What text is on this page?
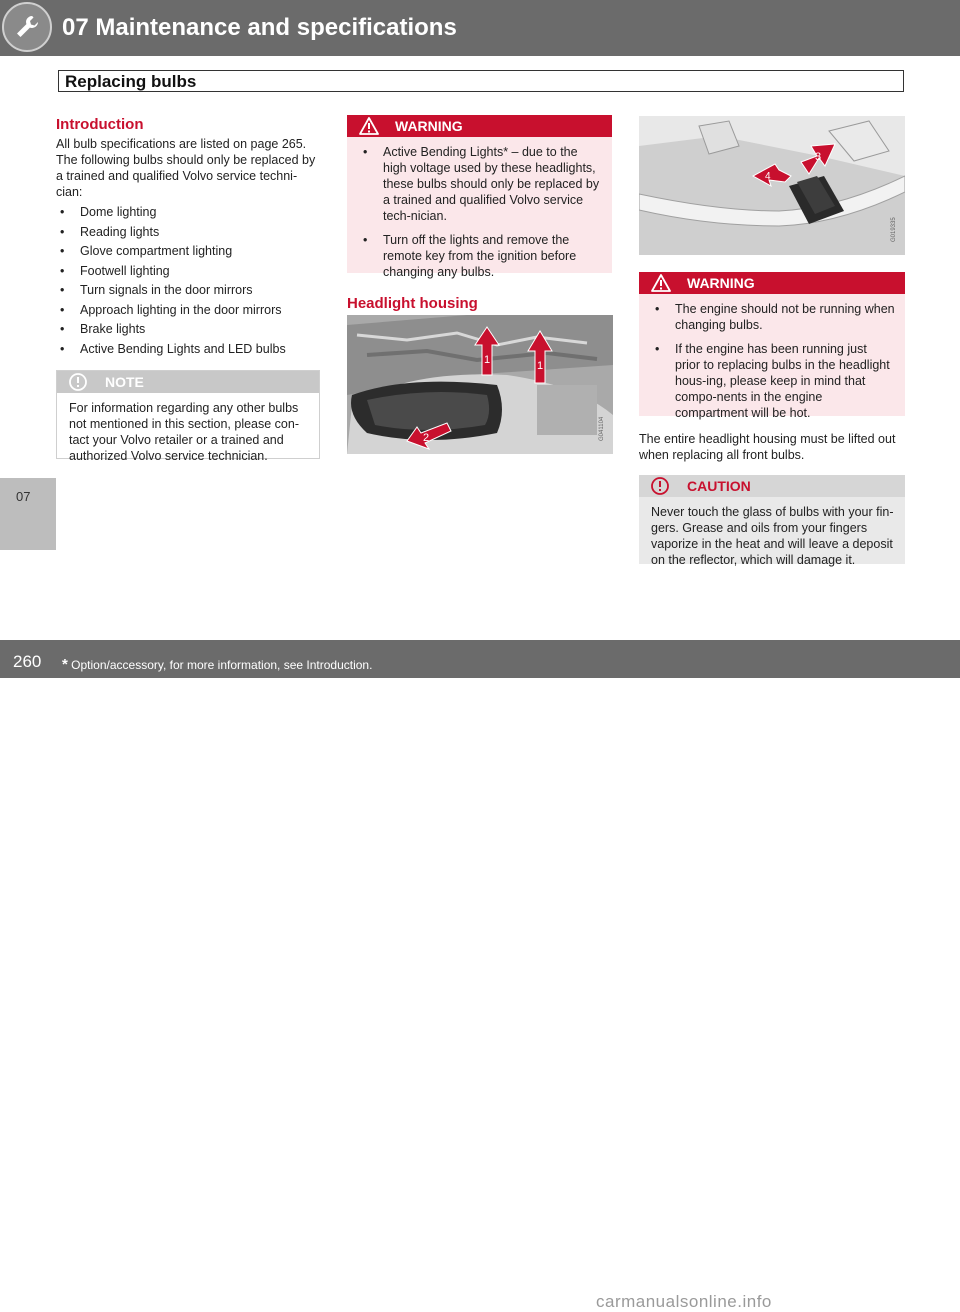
07 Maintenance and specifications
Replacing bulbs
07
Introduction
All bulb specifications are listed on page 265. The following bulbs should only be replaced by a trained and qualified Volvo service techni-cian:
• Dome lighting
• Reading lights
• Glove compartment lighting
• Footwell lighting
• Turn signals in the door mirrors
• Approach lighting in the door mirrors
• Brake lights
• Active Bending Lights and LED bulbs
NOTE
For information regarding any other bulbs not mentioned in this section, please con-tact your Volvo retailer or a trained and authorized Volvo service technician.
WARNING
• Active Bending Lights* – due to the high voltage used by these headlights, these bulbs should only be replaced by a trained and qualified Volvo service tech-nician.
• Turn off the lights and remove the remote key from the ignition before changing any bulbs.
Headlight housing
1	1
2	G041104
3
4
G019335
WARNING
• The engine should not be running when changing bulbs.
• If the engine has been running just prior to replacing bulbs in the headlight hous-ing, please keep in mind that compo-nents in the engine compartment will be hot.
The entire headlight housing must be lifted out when replacing all front bulbs.
CAUTION
Never touch the glass of bulbs with your fin-gers. Grease and oils from your fingers vaporize in the heat and will leave a deposit on the reflector, which will damage it.
260 * Option/accessory, for more information, see Introduction.
carmanualsonline.info
